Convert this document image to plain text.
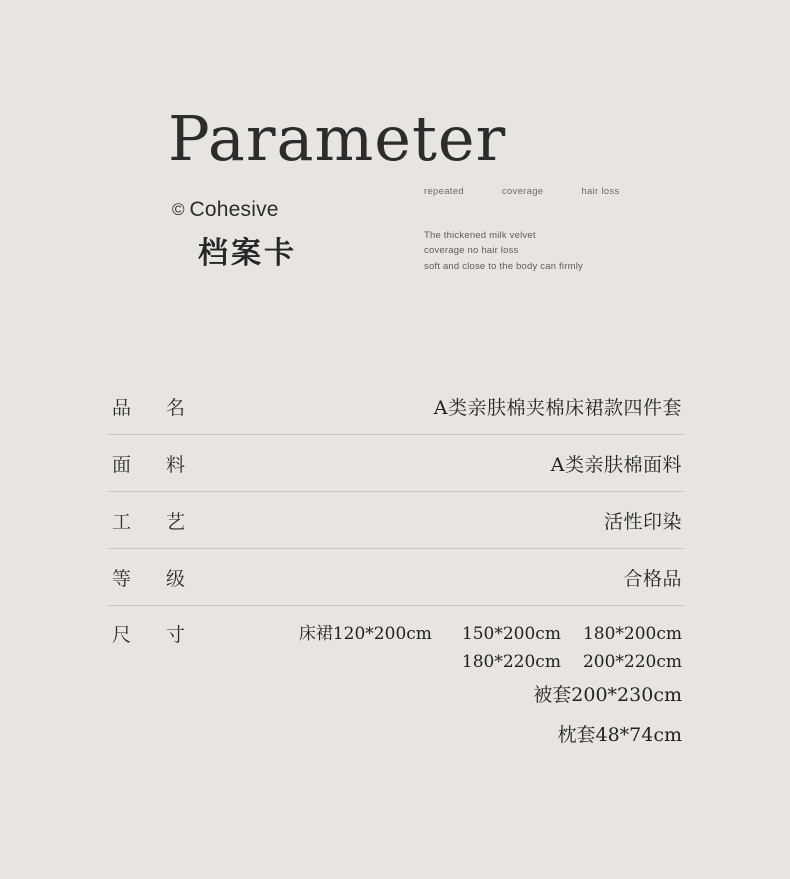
Parameter
© Cohesive
档案卡
repeated	coverage	hair loss
The thickened milk velvet
coverage no hair loss
soft and close to the body can firmly
品　名	A类亲肤棉夹棉床裙款四件套
面　料	A类亲肤棉面料
工　艺	活性印染
等　级	合格品
尺　寸	床裙120*200cm 150*200cm 180*200cm
180*220cm 200*220cm
被套200*230cm
枕套48*74cm
